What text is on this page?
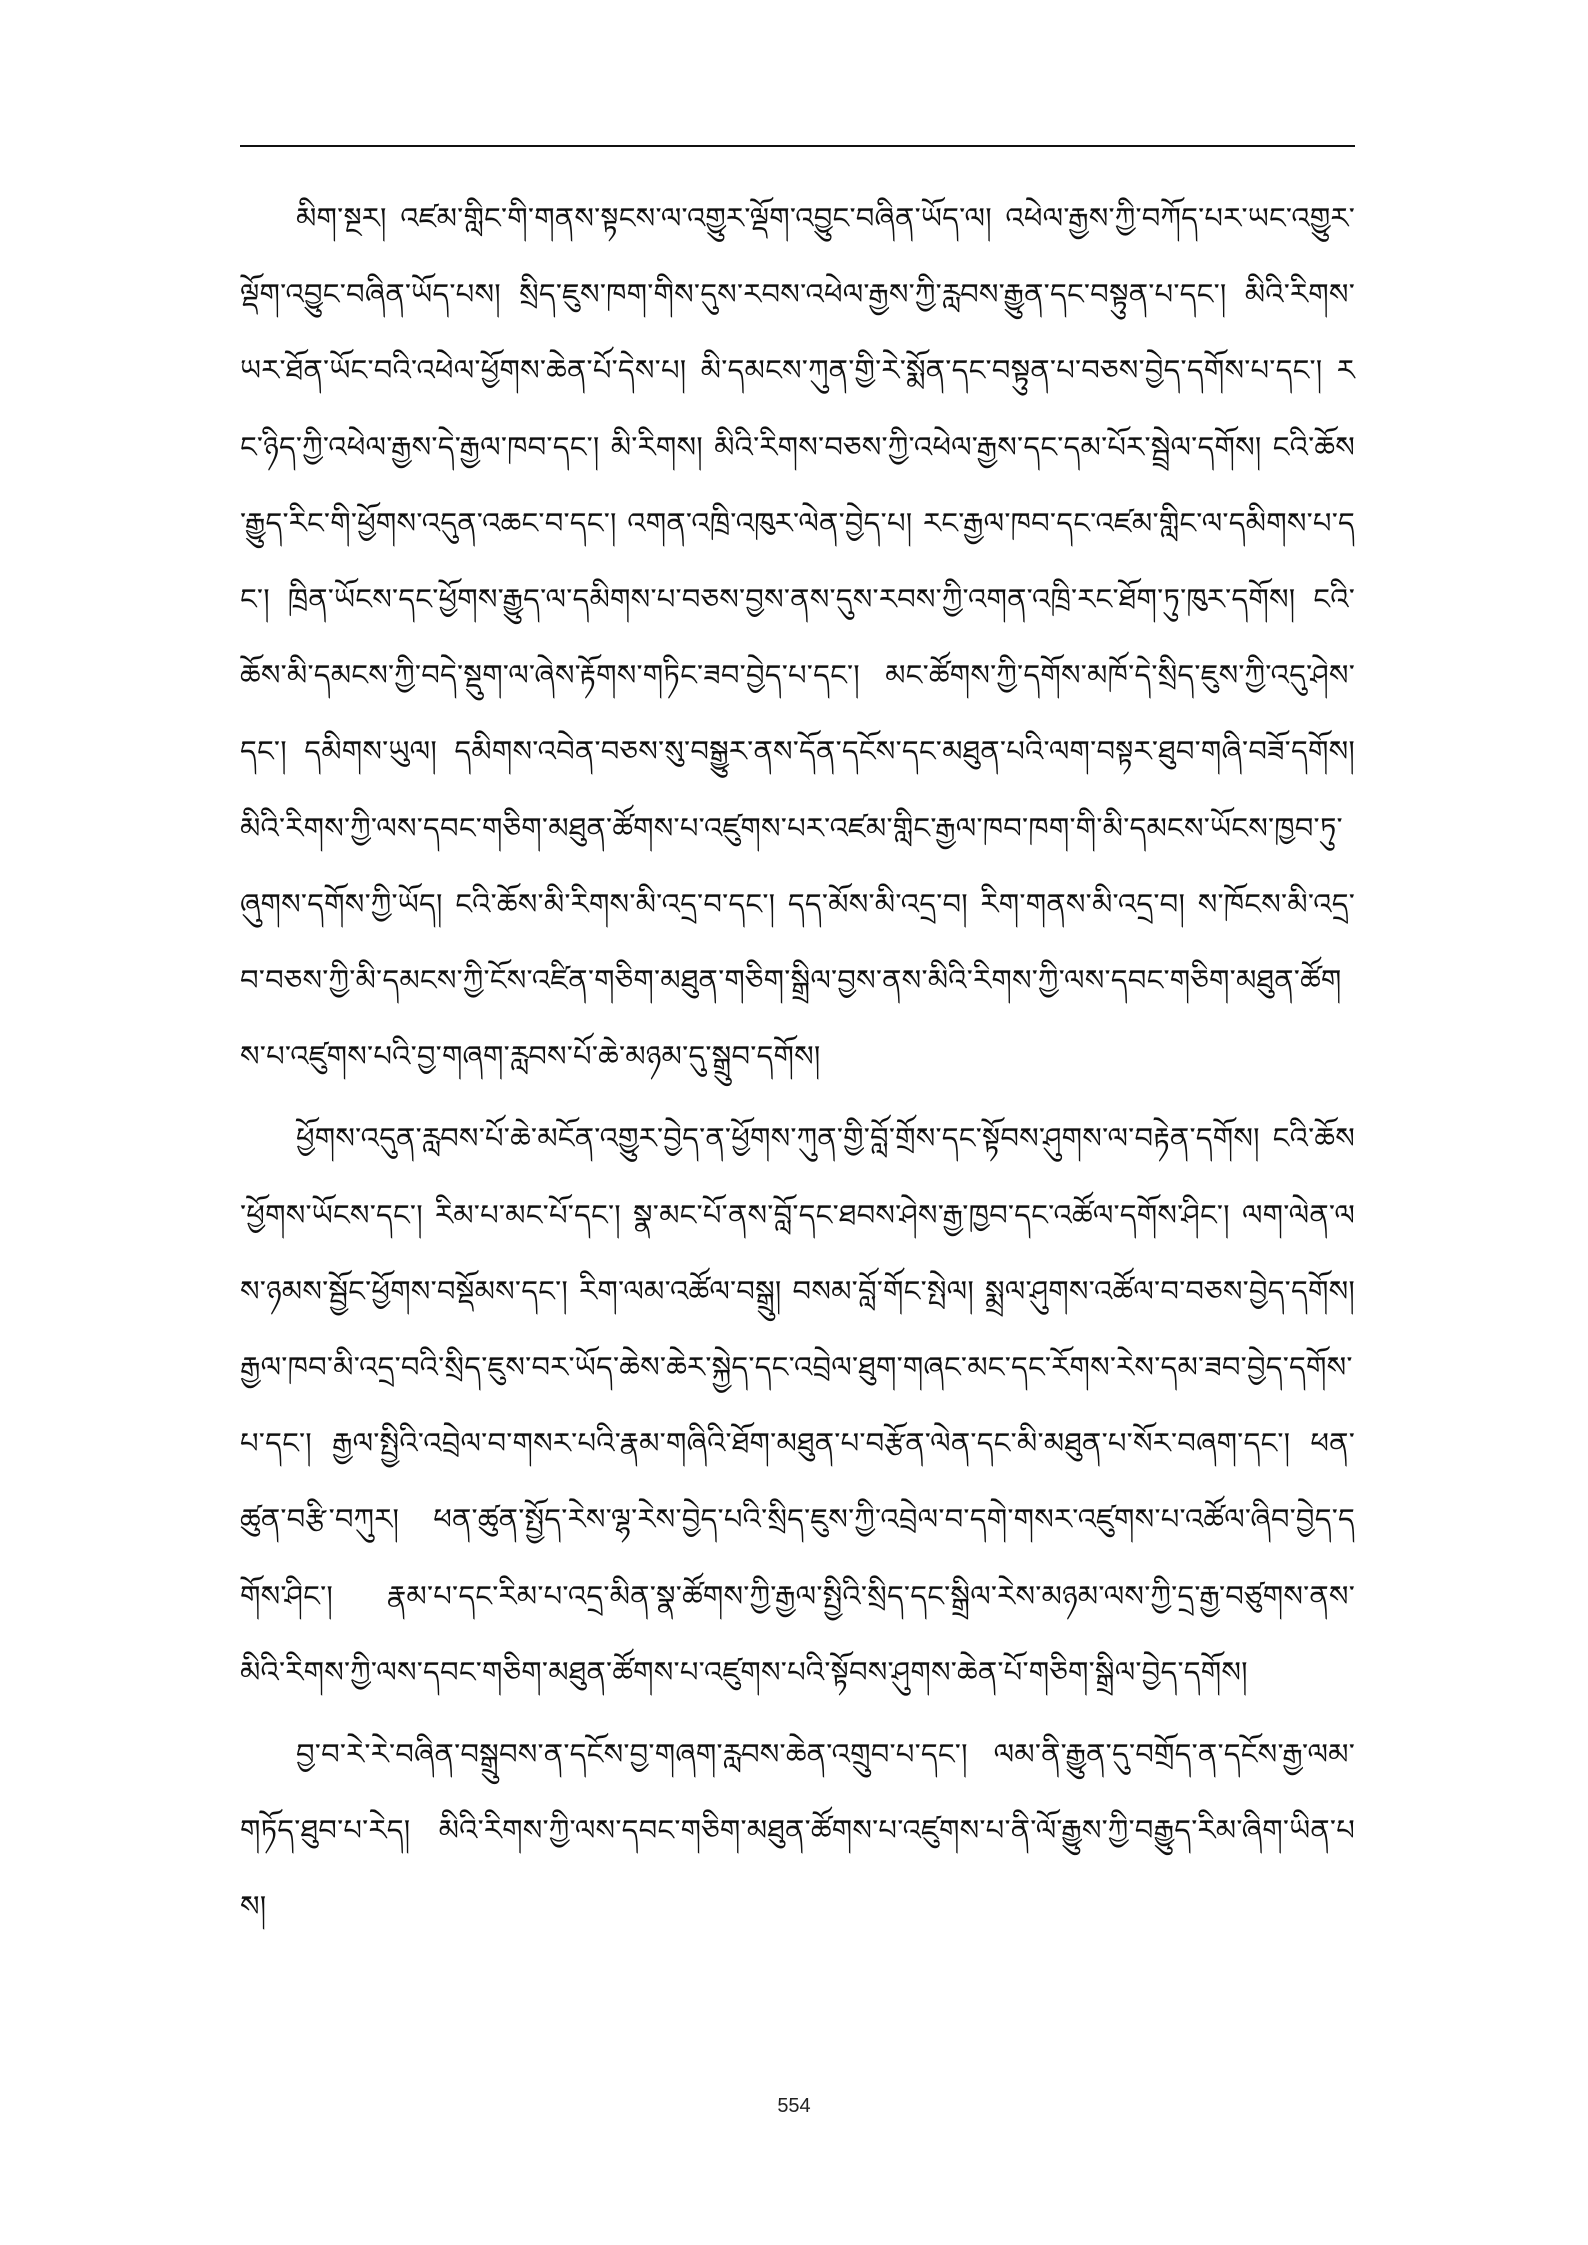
མིག་སྔར། འཛམ་གླིང་གི་གནས་སྟངས་ལ་འགྱུར་ལྡོག་འབྱུང་བཞིན་ཡོད་ལ། འཕེལ་རྒྱས་ཀྱི་བཀོད་པར་ཡང་འགྱུར་ལྡོག་འབྱུང་བཞིན་ཡོད་པས། སྲིད་ཇུས་ཁག་གིས་དུས་རབས་འཕེལ་རྒྱས་ཀྱི་རླབས་རྒྱུན་དང་བསྟུན་པ་དང་། མིའི་རིགས་ཡར་ཐོན་ཡོང་བའི་འཕེལ་ཕྱོགས་ཆེན་པོ་དེས་པ། མི་དམངས་ཀུན་གྱི་རེ་སྨོན་དང་བསྟུན་པ་བཅས་བྱེད་དགོས་པ་དང་། རང་ཉིད་ཀྱི་འཕེལ་རྒྱས་དེ་རྒྱལ་ཁབ་དང་། མི་རིགས། མིའི་རིགས་བཅས་ཀྱི་འཕེལ་རྒྱས་དང་དམ་པོར་སྦྲེལ་དགོས། ངའི་ཆོས་རྒྱུད་རིང་གི་ཕྱོགས་འདུན་འཆང་བ་དང་། འགན་འཁྲི་འཁུར་ལེན་བྱེད་པ། རང་རྒྱལ་ཁབ་དང་འཛམ་གླིང་ལ་དམིགས་པ་དང་། ཁྲིན་ཡོངས་དང་ཕྱོགས་རྒྱུད་ལ་དམིགས་པ་བཅས་བྱས་ནས་དུས་རབས་ཀྱི་འགན་འཁྲི་རང་ཐོག་ཏུ་ཁུར་དགོས། ངའི་ཆོས་མི་དམངས་ཀྱི་བདེ་སྡུག་ལ་ཞེས་རྟོགས་གཏིང་ཟབ་བྱེད་པ་དང་། མང་ཚོགས་ཀྱི་དགོས་མཁོ་དེ་སྲིད་ཇུས་ཀྱི་འདུ་ཤེས་དང་། དམིགས་ཡུལ། དམིགས་འབེན་བཅས་སུ་བསྒྱུར་ནས་དོན་དངོས་དང་མཐུན་པའི་ལག་བསྟར་ཐུབ་གཞི་བཟོ་དགོས། མིའི་རིགས་ཀྱི་ལས་དབང་གཅིག་མཐུན་ཚོགས་པ་འཛུགས་པར་འཛམ་གླིང་རྒྱལ་ཁབ་ཁག་གི་མི་དམངས་ཡོངས་ཁྱབ་ཏུ་ཞུགས་དགོས་ཀྱི་ཡོད། ངའི་ཆོས་མི་རིགས་མི་འདྲ་བ་དང་། དད་མོས་མི་འདྲ་བ། རིག་གནས་མི་འདྲ་བ། ས་ཁོངས་མི་འདྲ་བ་བཅས་ཀྱི་མི་དམངས་ཀྱི་ངོས་འཛིན་གཅིག་མཐུན་གཅིག་སྒྲིལ་བྱས་ནས་མིའི་རིགས་ཀྱི་ལས་དབང་གཅིག་མཐུན་ཚོགས་པ་འཛུགས་པའི་བྱ་གཞག་རླབས་པོ་ཆེ་མཉམ་དུ་སྒྲུབ་དགོས།

ཕྱོགས་འདུན་རླབས་པོ་ཆེ་མངོན་འགྱུར་བྱེད་ན་ཕྱོགས་ཀུན་གྱི་བློ་གྲོས་དང་སྟོབས་ཤུགས་ལ་བརྟེན་དགོས། ངའི་ཆོས་ཕྱོགས་ཡོངས་དང་། རིམ་པ་མང་པོ་དང་། སྣ་མང་པོ་ནས་བློ་དང་ཐབས་ཤེས་རྒྱ་ཁྱབ་དང་འཚོལ་དགོས་ཤིང་། ལག་ལེན་ལས་ཉམས་སྦྱོང་ཕྱོགས་བསྡོམས་དང་། རིག་ལམ་འཚོལ་བསྒྲུ། བསམ་བློ་གོང་སྤེལ། སྨྲལ་ཤུགས་འཚོལ་བ་བཅས་བྱེད་དགོས། རྒྱལ་ཁབ་མི་འདྲ་བའི་སྲིད་ཇུས་བར་ཡོད་ཆེས་ཆེར་སྐྱེད་དང་འབྲེལ་ཐུག་གཞང་མང་དང་རོགས་རེས་དམ་ཟབ་བྱེད་དགོས་པ་དང་། རྒྱལ་སྤྱིའི་འབྲེལ་བ་གསར་པའི་རྣམ་གཞིའི་ཐོག་མཐུན་པ་བརྩོན་ལེན་དང་མི་མཐུན་པ་སོར་བཞག་དང་། ཕན་ཚུན་བརྩི་བཀུར། ཕན་ཚུན་སྤྱོད་རེས་ལྷ་རེས་བྱེད་པའི་སྲིད་ཇུས་ཀྱི་འབྲེལ་བ་དགེ་གསར་འཛུགས་པ་འཚོལ་ཞིབ་བྱེད་དགོས་ཤིང་། རྣམ་པ་དང་རིམ་པ་འདྲ་མིན་སྣ་ཚོགས་ཀྱི་རྒྱལ་སྤྱིའི་སྲིད་དང་སྒྲིལ་རེས་མཉམ་ལས་ཀྱི་དྲ་རྒྱ་བཙུགས་ནས་མིའི་རིགས་ཀྱི་ལས་དབང་གཅིག་མཐུན་ཚོགས་པ་འཛུགས་པའི་སྟོབས་ཤུགས་ཆེན་པོ་གཅིག་སྒྲིལ་བྱེད་དགོས།

བྱ་བ་རེ་རེ་བཞིན་བསྒྲུབས་ན་དངོས་བྱ་གཞག་རླབས་ཆེན་འགྲུབ་པ་དང་། ལམ་ནི་རྒྱུན་དུ་བགྲོད་ན་དངོས་རྒྱ་ལམ་གཏོད་ཐུབ་པ་རེད། མིའི་རིགས་ཀྱི་ལས་དབང་གཅིག་མཐུན་ཚོགས་པ་འཛུགས་པ་ནི་ལོ་རྒྱུས་ཀྱི་བརྒྱུད་རིམ་ཞིག་ཡིན་པས།

554
